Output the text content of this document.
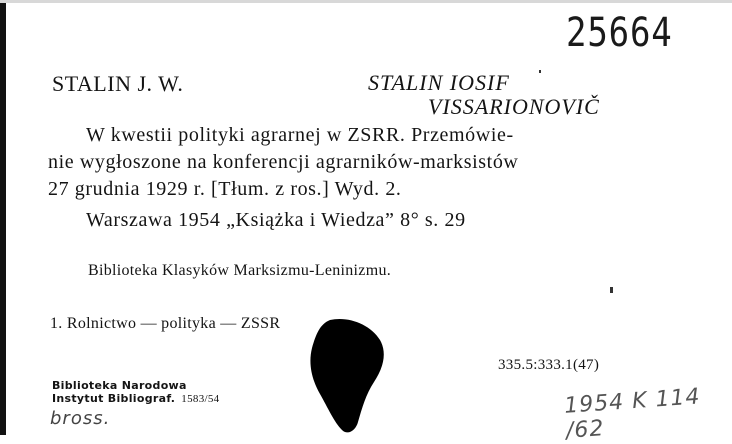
25664
STALIN J. W.	STALIN IOSIF
VISSARIONOVIČ
W kwestii polityki agrarnej w ZSRR. Przemówie-
nie wygłoszone na konferencji agrarników-marksistów
27 grudnia 1929 r. [Tłum. z ros.] Wyd. 2.
Warszawa 1954 „Książka i Wiedza” 8° s. 29
Biblioteka Klasyków Marksizmu-Leninizmu.
1. Rolnictwo — polityka — ZSSR
335.5:333.1(47)
Biblioteka Narodowa
Instytut Bibliograf. 1583/54
bross.	1954 K 114 /62
